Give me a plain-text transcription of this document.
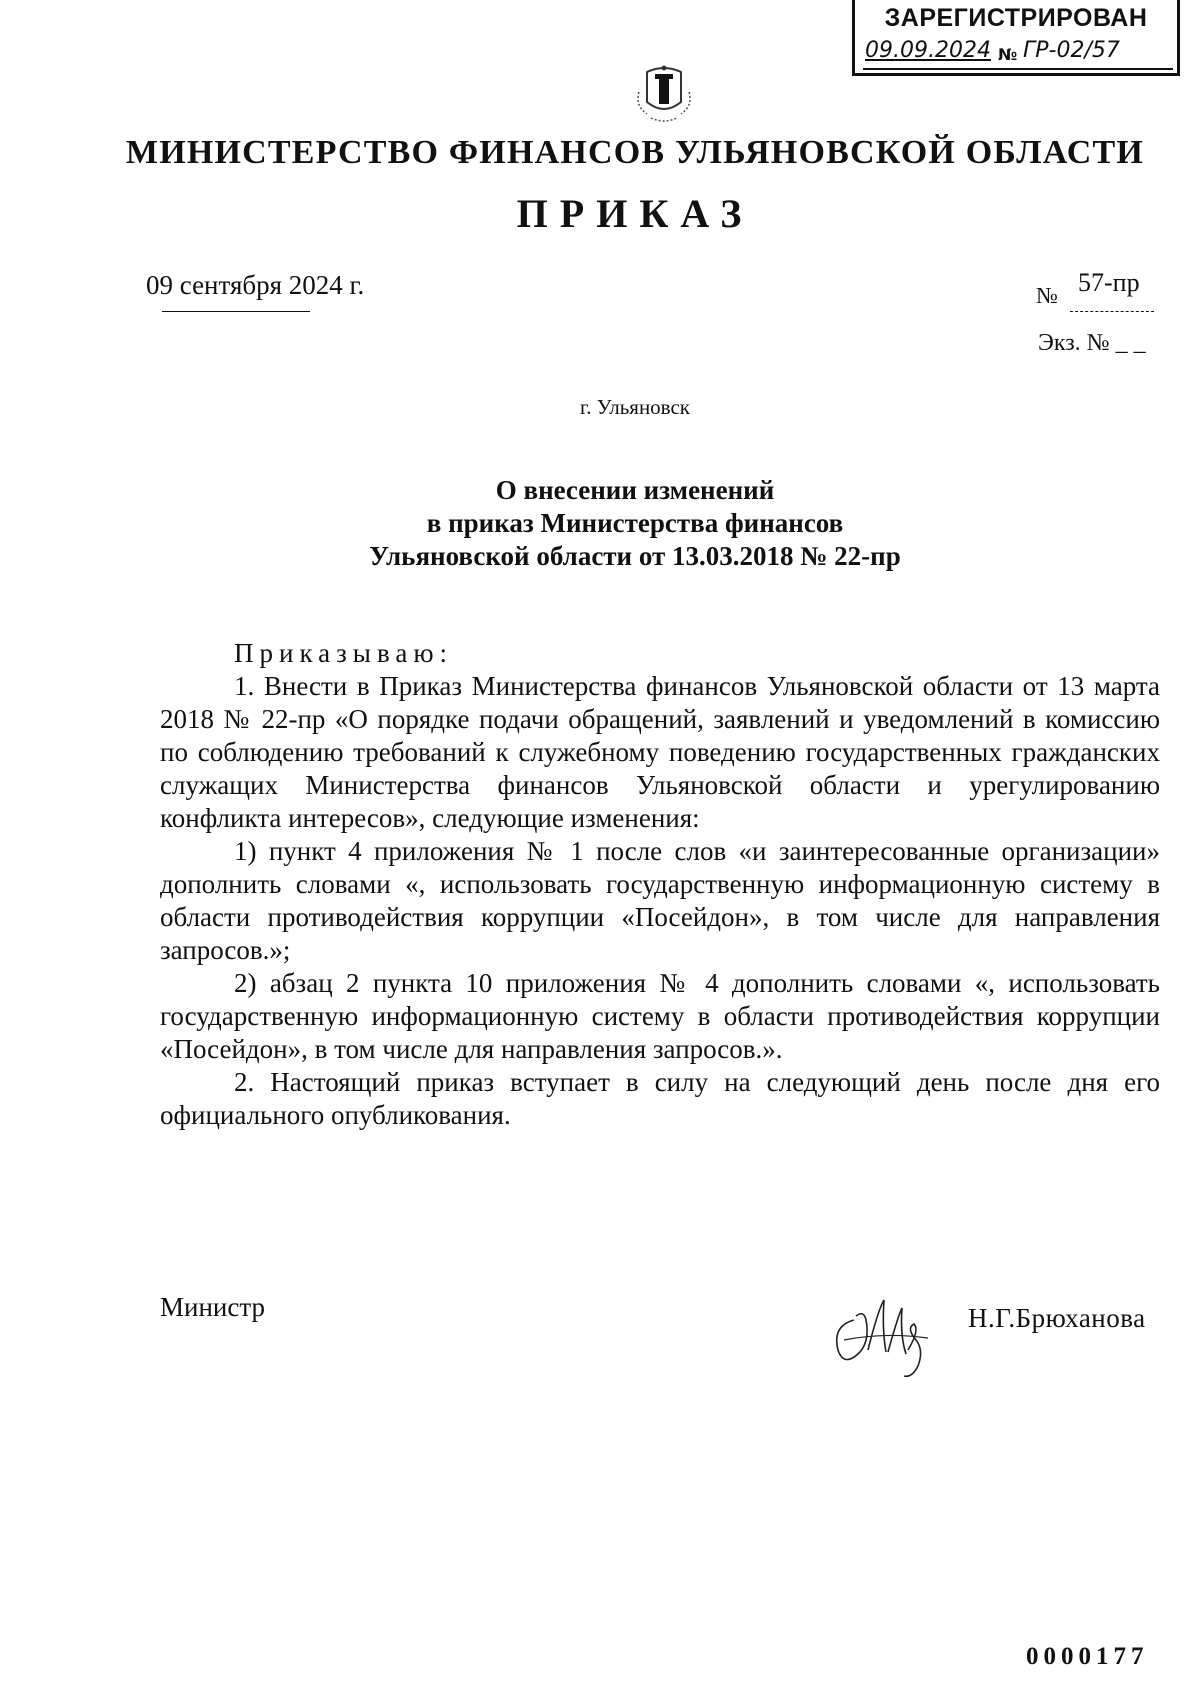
ЗАРЕГИСТРИРОВАН
09.09.2024 № ГР-02/57
МИНИСТЕРСТВО ФИНАНСОВ УЛЬЯНОВСКОЙ ОБЛАСТИ
ПРИКАЗ
09 сентября 2024 г.	№ 57-пр
Экз. № _ _
г. Ульяновск
О внесении изменений
в приказ Министерства финансов
Ульяновской области от 13.03.2018 № 22-пр

Приказываю:

1. Внести в Приказ Министерства финансов Ульяновской области от 13 марта 2018 № 22-пр «О порядке подачи обращений, заявлений и уведомлений в комиссию по соблюдению требований к служебному поведению государственных гражданских служащих Министерства финансов Ульяновской области и урегулированию конфликта интересов», следующие изменения:

1) пункт 4 приложения № 1 после слов «и заинтересованные организации» дополнить словами «, использовать государственную информационную систему в области противодействия коррупции «Посейдон», в том числе для направления запросов.»;

2) абзац 2 пункта 10 приложения № 4 дополнить словами «, использовать государственную информационную систему в области противодействия коррупции «Посейдон», в том числе для направления запросов.».

2. Настоящий приказ вступает в силу на следующий день после дня его официального опубликования.

Министр	Н.Г.Брюханова
0000177
